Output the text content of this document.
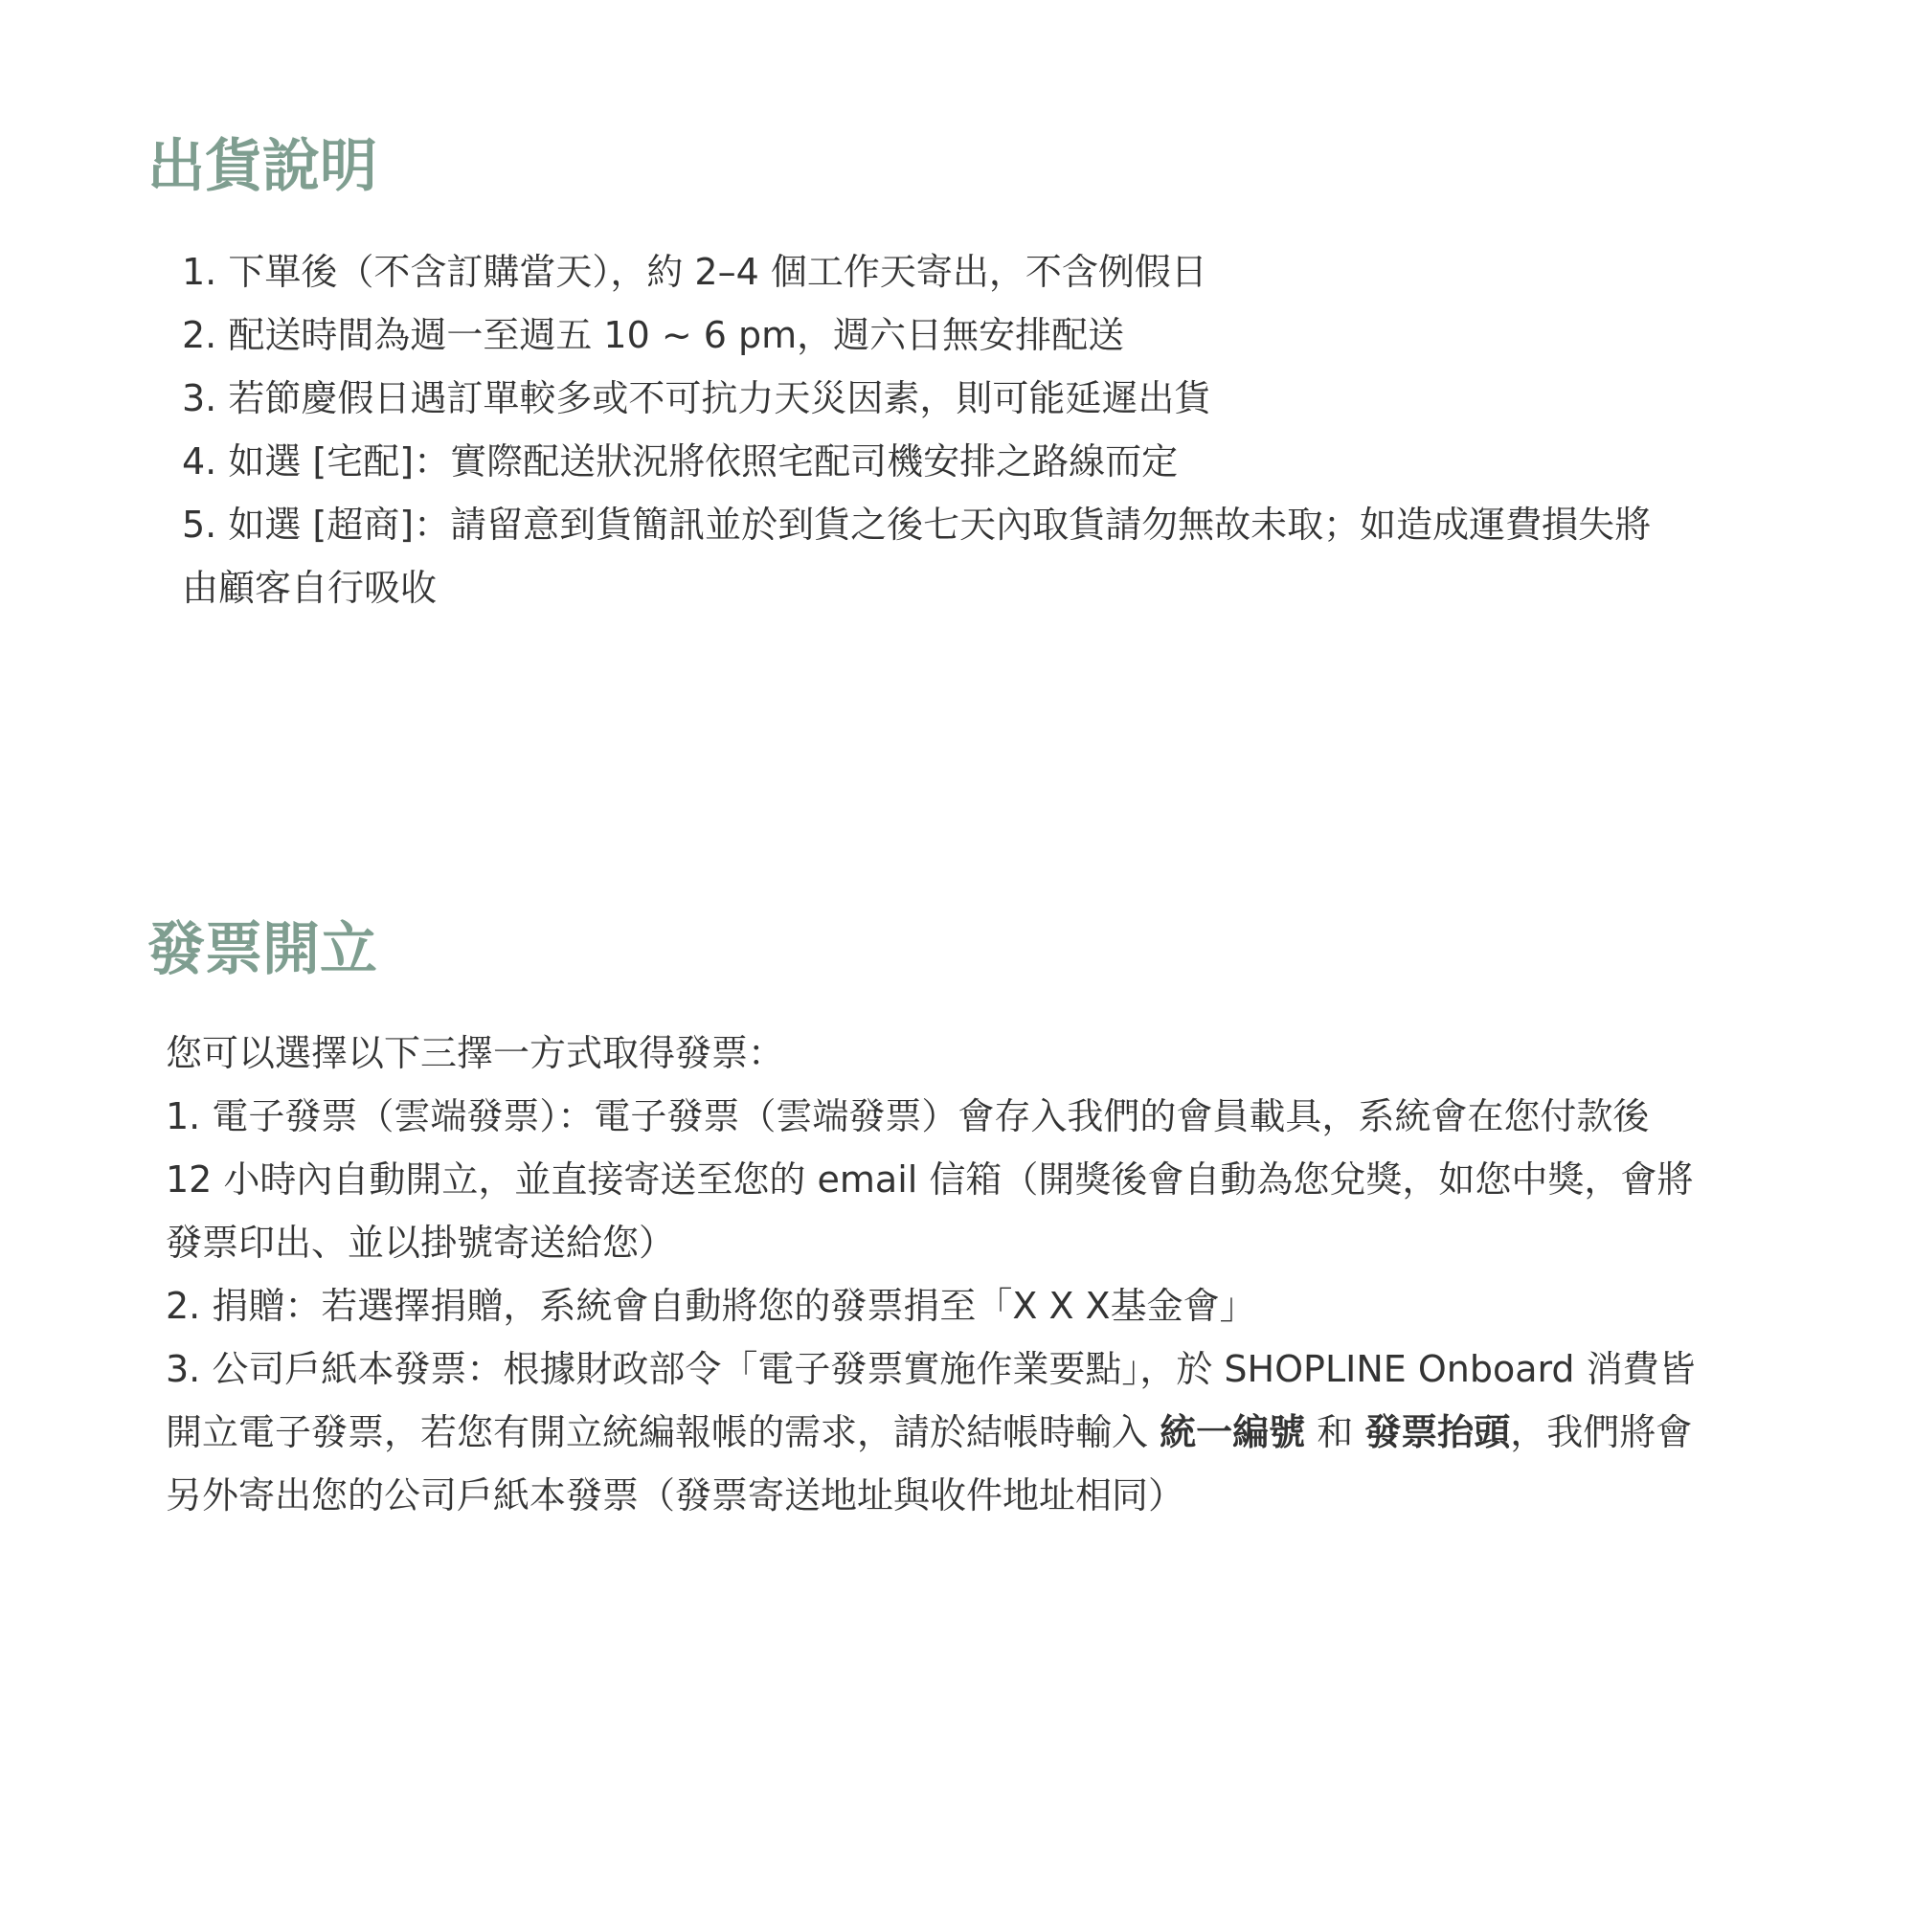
出貨說明

1. 下單後（不含訂購當天），約 2–4 個工作天寄出，不含例假日

2. 配送時間為週一至週五 10 ~ 6 pm，週六日無安排配送

3. 若節慶假日遇訂單較多或不可抗力天災因素，則可能延遲出貨

4. 如選 [宅配]：實際配送狀況將依照宅配司機安排之路線而定

5. 如選 [超商]：請留意到貨簡訊並於到貨之後七天內取貨請勿無故未取；如造成運費損失將

由顧客自行吸收

發票開立

您可以選擇以下三擇一方式取得發票：

1. 電子發票（雲端發票）：電子發票（雲端發票）會存入我們的會員載具，系統會在您付款後

12 小時內自動開立，並直接寄送至您的 email 信箱（開獎後會自動為您兌獎，如您中獎，會將

發票印出、並以掛號寄送給您）

2. 捐贈：若選擇捐贈，系統會自動將您的發票捐至「X X X基金會」

3. 公司戶紙本發票：根據財政部令「電子發票實施作業要點」，於 SHOPLINE Onboard 消費皆

開立電子發票，若您有開立統編報帳的需求，請於結帳時輸入 統一編號 和 發票抬頭，我們將會

另外寄出您的公司戶紙本發票（發票寄送地址與收件地址相同）
